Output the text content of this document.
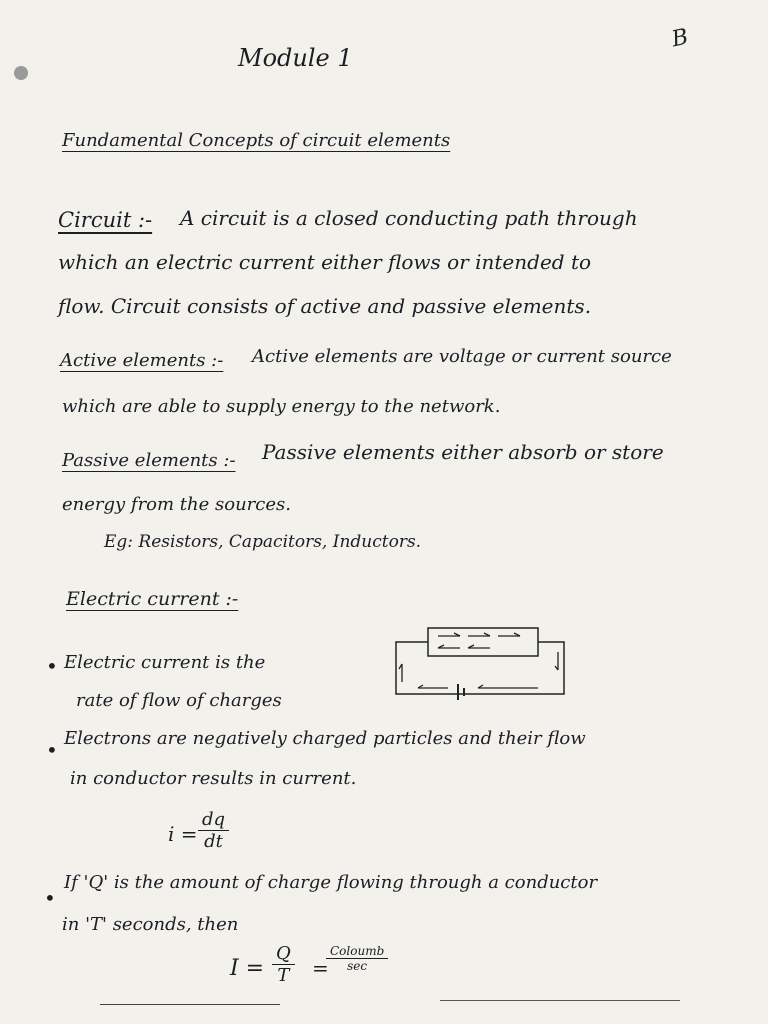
Module 1
B
Fundamental Concepts of circuit elements
Circuit :- A circuit is a closed conducting path through
which an electric current either flows or intended to
flow. Circuit consists of active and passive elements.
Active elements :- Active elements are voltage or current source
which are able to supply energy to the network.
Passive elements :- Passive elements either absorb or store
energy from the sources.
Eg: Resistors, Capacitors, Inductors.
Electric current :-
• Electric current is the
rate of flow of charges
• Electrons are negatively charged particles and their flow
in conductor results in current.
$i = \frac{dq}{dt}$
•
If 'Q' is the amount of charge flowing through a conductor
in 'T' seconds, then
$I = \frac{Q}{T}$ =
Coloumb
sec
